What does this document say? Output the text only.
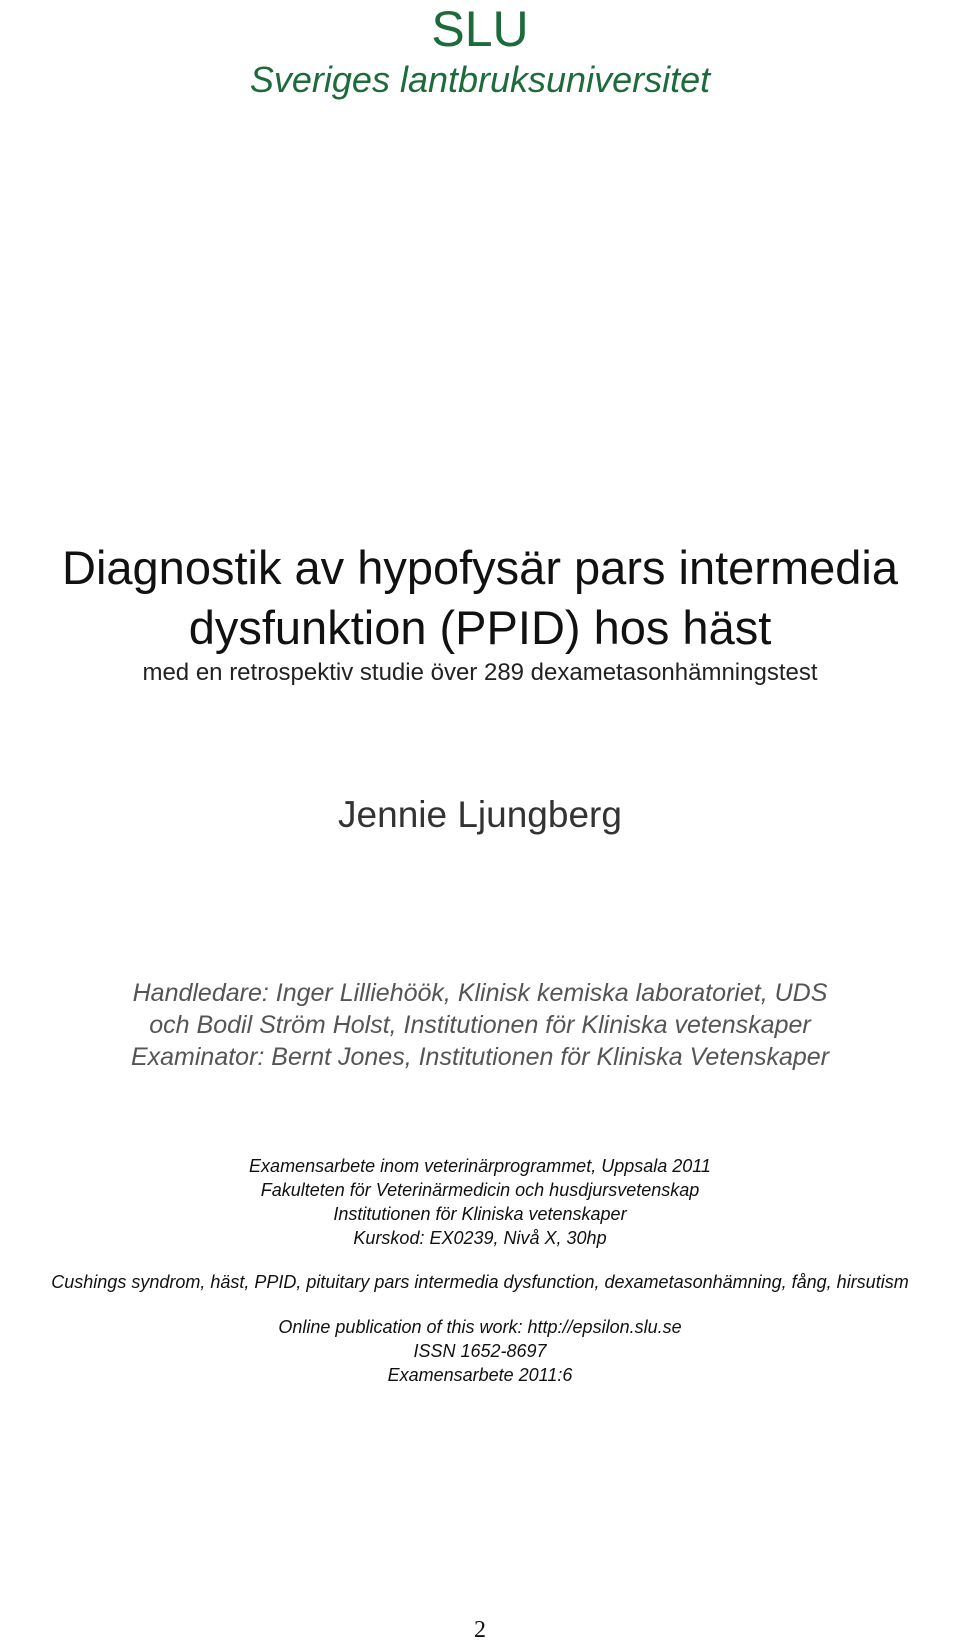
SLU
Sveriges lantbruksuniversitet
Diagnostik av hypofysär pars intermedia
dysfunktion (PPID) hos häst
med en retrospektiv studie över 289 dexametasonhämningstest
Jennie Ljungberg
Handledare: Inger Lilliehöök, Klinisk kemiska laboratoriet, UDS
och Bodil Ström Holst, Institutionen för Kliniska vetenskaper
Examinator: Bernt Jones, Institutionen för Kliniska Vetenskaper
Examensarbete inom veterinärprogrammet, Uppsala 2011
Fakulteten för Veterinärmedicin och husdjursvetenskap
Institutionen för Kliniska vetenskaper
Kurskod: EX0239, Nivå X, 30hp
Cushings syndrom, häst, PPID, pituitary pars intermedia dysfunction, dexametasonhämning, fång, hirsutism
Online publication of this work: http://epsilon.slu.se
ISSN 1652-8697
Examensarbete 2011:6
2
